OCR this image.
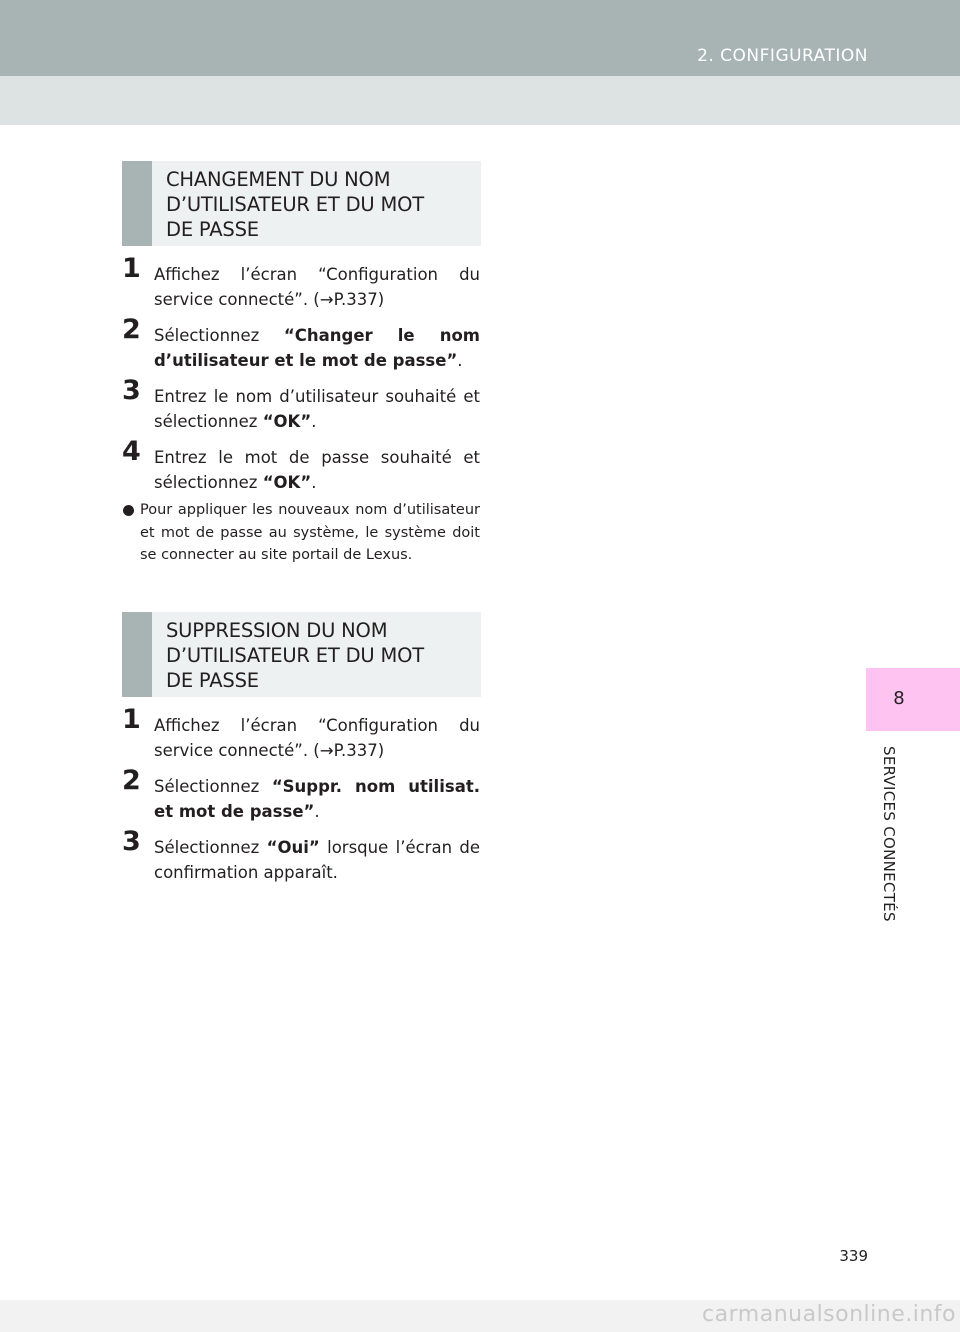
2. CONFIGURATION
CHANGEMENT DU NOM
D’UTILISATEUR ET DU MOT
DE PASSE
1 Affichez l’écran “Configuration du service connecté”. (→P.337)
2 Sélectionnez “Changer le nom d’utilisateur et le mot de passe”.
3 Entrez le nom d’utilisateur souhaité et sélectionnez “OK”.
4 Entrez le mot de passe souhaité et sélectionnez “OK”.
Pour appliquer les nouveaux nom d’utilisateur et mot de passe au système, le système doit se connecter au site portail de Lexus.
SUPPRESSION DU NOM
D’UTILISATEUR ET DU MOT
DE PASSE
1 Affichez l’écran “Configuration du service connecté”. (→P.337)
2 Sélectionnez “Suppr. nom utilisat. et mot de passe”.
3 Sélectionnez “Oui” lorsque l’écran de confirmation apparaît.
8
SERVICES CONNECTÉS
339
carmanualsonline.info
